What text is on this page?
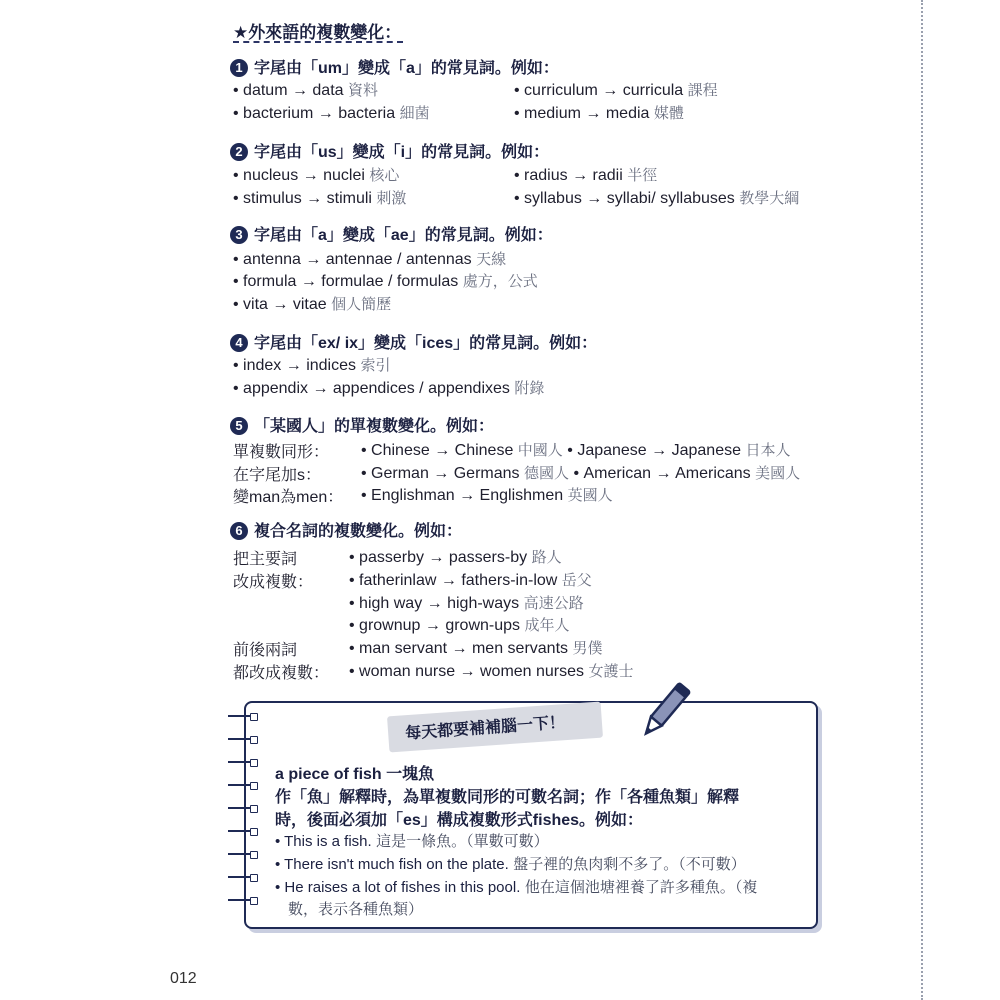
★外來語的複數變化：
1 字尾由「um」變成「a」的常見詞。例如：
• datum → data 資料
• bacterium → bacteria 細菌
• curriculum → curricula 課程
• medium → media 媒體
2 字尾由「us」變成「i」的常見詞。例如：
• nucleus → nuclei 核心
• stimulus → stimuli 刺激
• radius → radii 半徑
• syllabus → syllabi/ syllabuses 教學大綱
3 字尾由「a」變成「ae」的常見詞。例如：
• antenna → antennae / antennas 天線
• formula → formulae / formulas 處方，公式
• vita → vitae 個人簡歷
4 字尾由「ex/ ix」變成「ices」的常見詞。例如：
• index → indices 索引
• appendix → appendices / appendixes 附錄
5 「某國人」的單複數變化。例如：
單複數同形： • Chinese → Chinese 中國人 • Japanese → Japanese 日本人
在字尾加s： • German → Germans 德國人 • American → Americans 美國人
變man為men： • Englishman → Englishmen 英國人
6 複合名詞的複數變化。例如：
把主要詞
改成複數：
前後兩詞
都改成複數：
• passerby → passers-by 路人
• fatherinlaw → fathers-in-low 岳父
• high way → high-ways 高速公路
• grownup → grown-ups 成年人
• man servant → men servants 男僕
• woman nurse → women nurses 女護士
每天都要補補腦一下！
a piece of fish 一塊魚
作「魚」解釋時，為單複數同形的可數名詞；作「各種魚類」解釋
時，後面必須加「es」構成複數形式fishes。例如：
• This is a fish. 這是一條魚。（單數可數）
• There isn't much fish on the plate. 盤子裡的魚肉剩不多了。（不可數）
• He raises a lot of fishes in this pool. 他在這個池塘裡養了許多種魚。（複
數，表示各種魚類）
012
